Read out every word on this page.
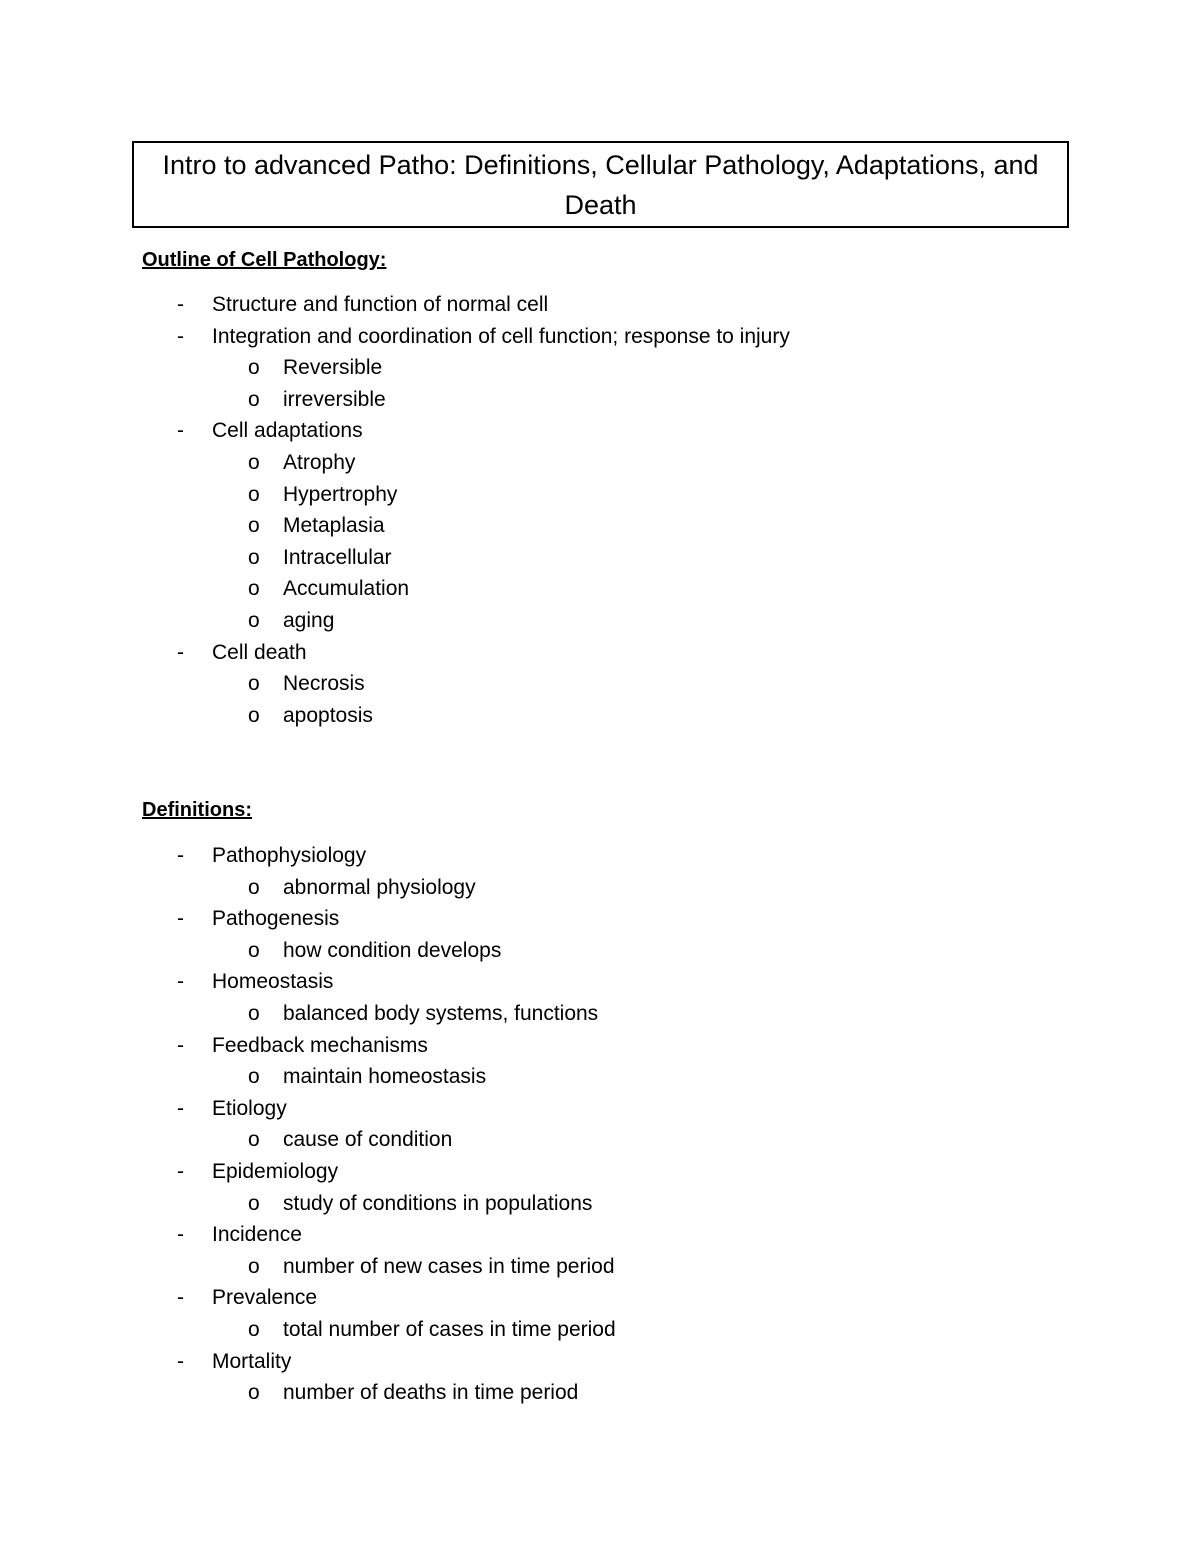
Intro to advanced Patho: Definitions, Cellular Pathology, Adaptations, and Death
Outline of Cell Pathology:
- Structure and function of normal cell
- Integration and coordination of cell function; response to injury
o Reversible
o irreversible
- Cell adaptations
o Atrophy
o Hypertrophy
o Metaplasia
o Intracellular
o Accumulation
o aging
- Cell death
o Necrosis
o apoptosis
Definitions:
- Pathophysiology
o abnormal physiology
- Pathogenesis
o how condition develops
- Homeostasis
o balanced body systems, functions
- Feedback mechanisms
o maintain homeostasis
- Etiology
o cause of condition
- Epidemiology
o study of conditions in populations
- Incidence
o number of new cases in time period
- Prevalence
o total number of cases in time period
- Mortality
o number of deaths in time period
